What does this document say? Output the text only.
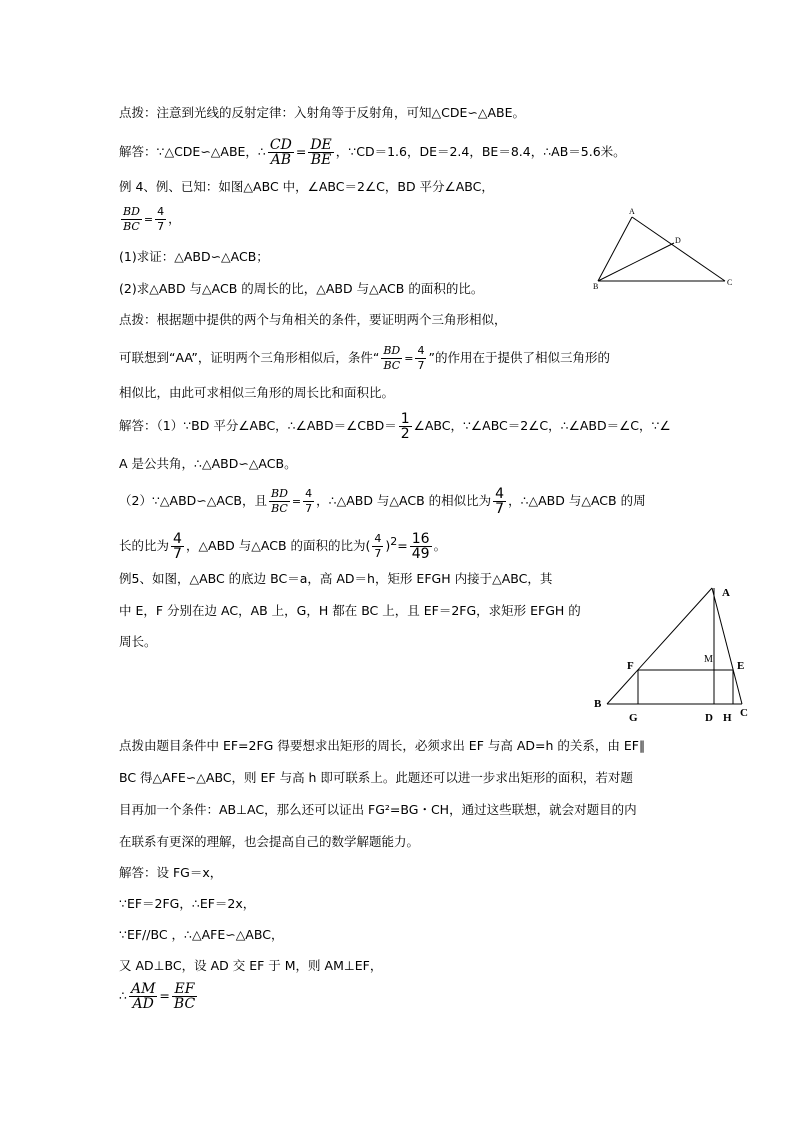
点拨：注意到光线的反射定律：入射角等于反射角，可知△CDE∽△ABE。
解答：∵△CDE∽△ABE，∴ $\frac{CD}{AB} = \frac{DE}{BE}$ ，∵CD＝1.6，DE＝2.4，BE＝8.4，∴AB＝5.6米。
例 4、例、已知：如图△ABC 中，∠ABC＝2∠C，BD 平分∠ABC，
$\frac{BD}{BC} = \frac{4}{7}$ ，
(1)求证：△ABD∽△ACB；
(2)求△ABD 与△ACB 的周长的比，△ABD 与△ACB 的面积的比。
点拨：根据题中提供的两个与角相关的条件，要证明两个三角形相似，
可联想到“AA”，证明两个三角形相似后，条件“ $\frac{BD}{BC} = \frac{4}{7}$ ”的作用在于提供了相似三角形的
相似比，由此可求相似三角形的周长比和面积比。
解答：（1）∵BD 平分∠ABC，∴∠ABD＝∠CBD＝ $\frac{1}{2}$ ∠ABC，∵∠ABC＝2∠C，∴∠ABD＝∠C，∵∠
A 是公共角，∴△ABD∽△ACB。
（2）∵△ABD∽△ACB，且 $\frac{BD}{BC} = \frac{4}{7}$ ，∴△ABD 与△ACB 的相似比为 $\frac{4}{7}$ ，∴△ABD 与△ACB 的周
长的比为 $\frac{4}{7}$ ，△ABD 与△ACB 的面积的比为( $\frac{4}{7} )^2= \frac{16}{49}$ 。
例5、如图，△ABC 的底边 BC＝a，高 AD＝h，矩形 EFGH 内接于△ABC，其
中 E，F 分别在边 AC，AB 上，G，H 都在 BC 上，且 EF＝2FG，求矩形 EFGH 的
周长。
点拨由题目条件中 EF=2FG 得要想求出矩形的周长，必须求出 EF 与高 AD=h 的关系，由 EF∥
BC 得△AFE∽△ABC，则 EF 与高 h 即可联系上。此题还可以进一步求出矩形的面积，若对题
目再加一个条件：AB⊥AC，那么还可以证出 FG²=BG・CH，通过这些联想，就会对题目的内
在联系有更深的理解，也会提高自己的数学解题能力。
解答：设 FG＝x，
∵EF＝2FG，∴EF＝2x，
∵EF//BC ，∴△AFE∽△ABC，
又 AD⊥BC，设 AD 交 EF 于 M，则 AM⊥EF，
∴ $\frac{AM}{AD} = \frac{EF}{BC}$
A
B	C
D
A
B
C
D
E
F
G	H
M
